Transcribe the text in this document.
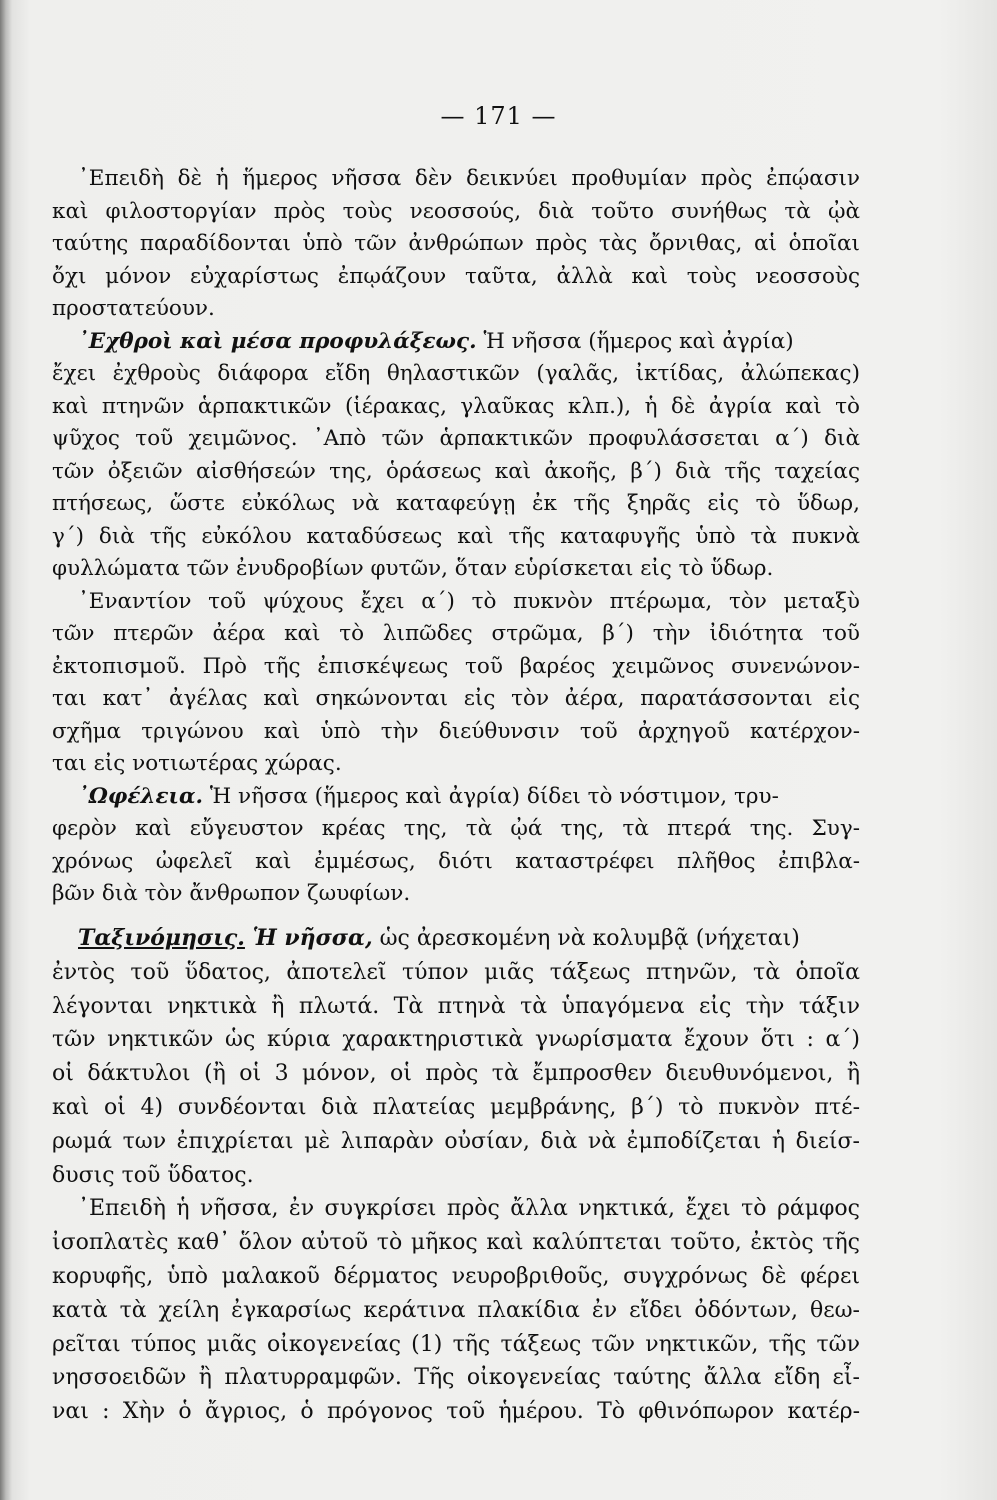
— 171 —
᾿Επειδὴ δὲ ἡ ἥμερος νῆσσα δὲν δεικνύει προθυμίαν πρὸς ἐπῴασιν
καὶ φιλοστοργίαν πρὸς τοὺς νεοσσούς, διὰ τοῦτο συνήθως τὰ ᾠὰ
ταύτης παραδίδονται ὑπὸ τῶν ἀνθρώπων πρὸς τὰς ὄρνιθας, αἱ ὁποῖαι
ὄχι μόνον εὐχαρίστως ἐπῳάζουν ταῦτα, ἀλλὰ καὶ τοὺς νεοσσοὺς
προστατεύουν.
᾿Εχθροὶ καὶ μέσα προφυλάξεως. Ἡ νῆσσα (ἥμερος καὶ ἀγρία)
ἔχει ἐχθροὺς διάφορα εἴδη θηλαστικῶν (γαλᾶς, ἰκτίδας, ἀλώπεκας)
καὶ πτηνῶν ἁρπακτικῶν (ἱέρακας, γλαῦκας κλπ.), ἡ δὲ ἀγρία καὶ τὸ
ψῦχος τοῦ χειμῶνος. ᾿Απὸ τῶν ἁρπακτικῶν προφυλάσσεται α΄) διὰ
τῶν ὀξειῶν αἰσθήσεών της, ὁράσεως καὶ ἀκοῆς, β΄) διὰ τῆς ταχείας
πτήσεως, ὥστε εὐκόλως νὰ καταφεύγῃ ἐκ τῆς ξηρᾶς εἰς τὸ ὕδωρ,
γ΄) διὰ τῆς εὐκόλου καταδύσεως καὶ τῆς καταφυγῆς ὑπὸ τὰ πυκνὰ
φυλλώματα τῶν ἐνυδροβίων φυτῶν, ὅταν εὑρίσκεται εἰς τὸ ὕδωρ.
᾿Εναντίον τοῦ ψύχους ἔχει α΄) τὸ πυκνὸν πτέρωμα, τὸν μεταξὺ
τῶν πτερῶν ἀέρα καὶ τὸ λιπῶδες στρῶμα, β΄) τὴν ἰδιότητα τοῦ
ἐκτοπισμοῦ. Πρὸ τῆς ἐπισκέψεως τοῦ βαρέος χειμῶνος συνενώνον-
ται κατ᾿ ἀγέλας καὶ σηκώνονται εἰς τὸν ἀέρα, παρατάσσονται εἰς
σχῆμα τριγώνου καὶ ὑπὸ τὴν διεύθυνσιν τοῦ ἀρχηγοῦ κατέρχον-
ται εἰς νοτιωτέρας χώρας.
᾿Ωφέλεια. Ἡ νῆσσα (ἥμερος καὶ ἀγρία) δίδει τὸ νόστιμον, τρυ-
φερὸν καὶ εὔγευστον κρέας της, τὰ ᾠά της, τὰ πτερά της. Συγ-
χρόνως ὠφελεῖ καὶ ἐμμέσως, διότι καταστρέφει πλῆθος ἐπιβλα-
βῶν διὰ τὸν ἄνθρωπον ζωυφίων.
Ταξινόμησις. Ἡ νῆσσα, ὡς ἀρεσκομένη νὰ κολυμβᾷ (νήχεται)
ἐντὸς τοῦ ὕδατος, ἀποτελεῖ τύπον μιᾶς τάξεως πτηνῶν, τὰ ὁποῖα
λέγονται νηκτικὰ ἢ πλωτά. Τὰ πτηνὰ τὰ ὑπαγόμενα εἰς τὴν τάξιν
τῶν νηκτικῶν ὡς κύρια χαρακτηριστικὰ γνωρίσματα ἔχουν ὅτι : α΄)
οἱ δάκτυλοι (ἢ οἱ 3 μόνον, οἱ πρὸς τὰ ἔμπροσθεν διευθυνόμενοι, ἢ
καὶ οἱ 4) συνδέονται διὰ πλατείας μεμβράνης, β΄) τὸ πυκνὸν πτέ-
ρωμά των ἐπιχρίεται μὲ λιπαρὰν οὐσίαν, διὰ νὰ ἐμποδίζεται ἡ διείσ-
δυσις τοῦ ὕδατος.
᾿Επειδὴ ἡ νῆσσα, ἐν συγκρίσει πρὸς ἄλλα νηκτικά, ἔχει τὸ ράμφος
ἰσοπλατὲς καθ᾿ ὅλον αὐτοῦ τὸ μῆκος καὶ καλύπτεται τοῦτο, ἐκτὸς τῆς
κορυφῆς, ὑπὸ μαλακοῦ δέρματος νευροβριθοῦς, συγχρόνως δὲ φέρει
κατὰ τὰ χείλη ἐγκαρσίως κεράτινα πλακίδια ἐν εἴδει ὀδόντων, θεω-
ρεῖται τύπος μιᾶς οἰκογενείας (1) τῆς τάξεως τῶν νηκτικῶν, τῆς τῶν
νησσοειδῶν ἢ πλατυρραμφῶν. Τῆς οἰκογενείας ταύτης ἄλλα εἴδη εἶ-
ναι : Χὴν ὁ ἄγριος, ὁ πρόγονος τοῦ ἡμέρου. Τὸ φθινόπωρον κατέρ-
